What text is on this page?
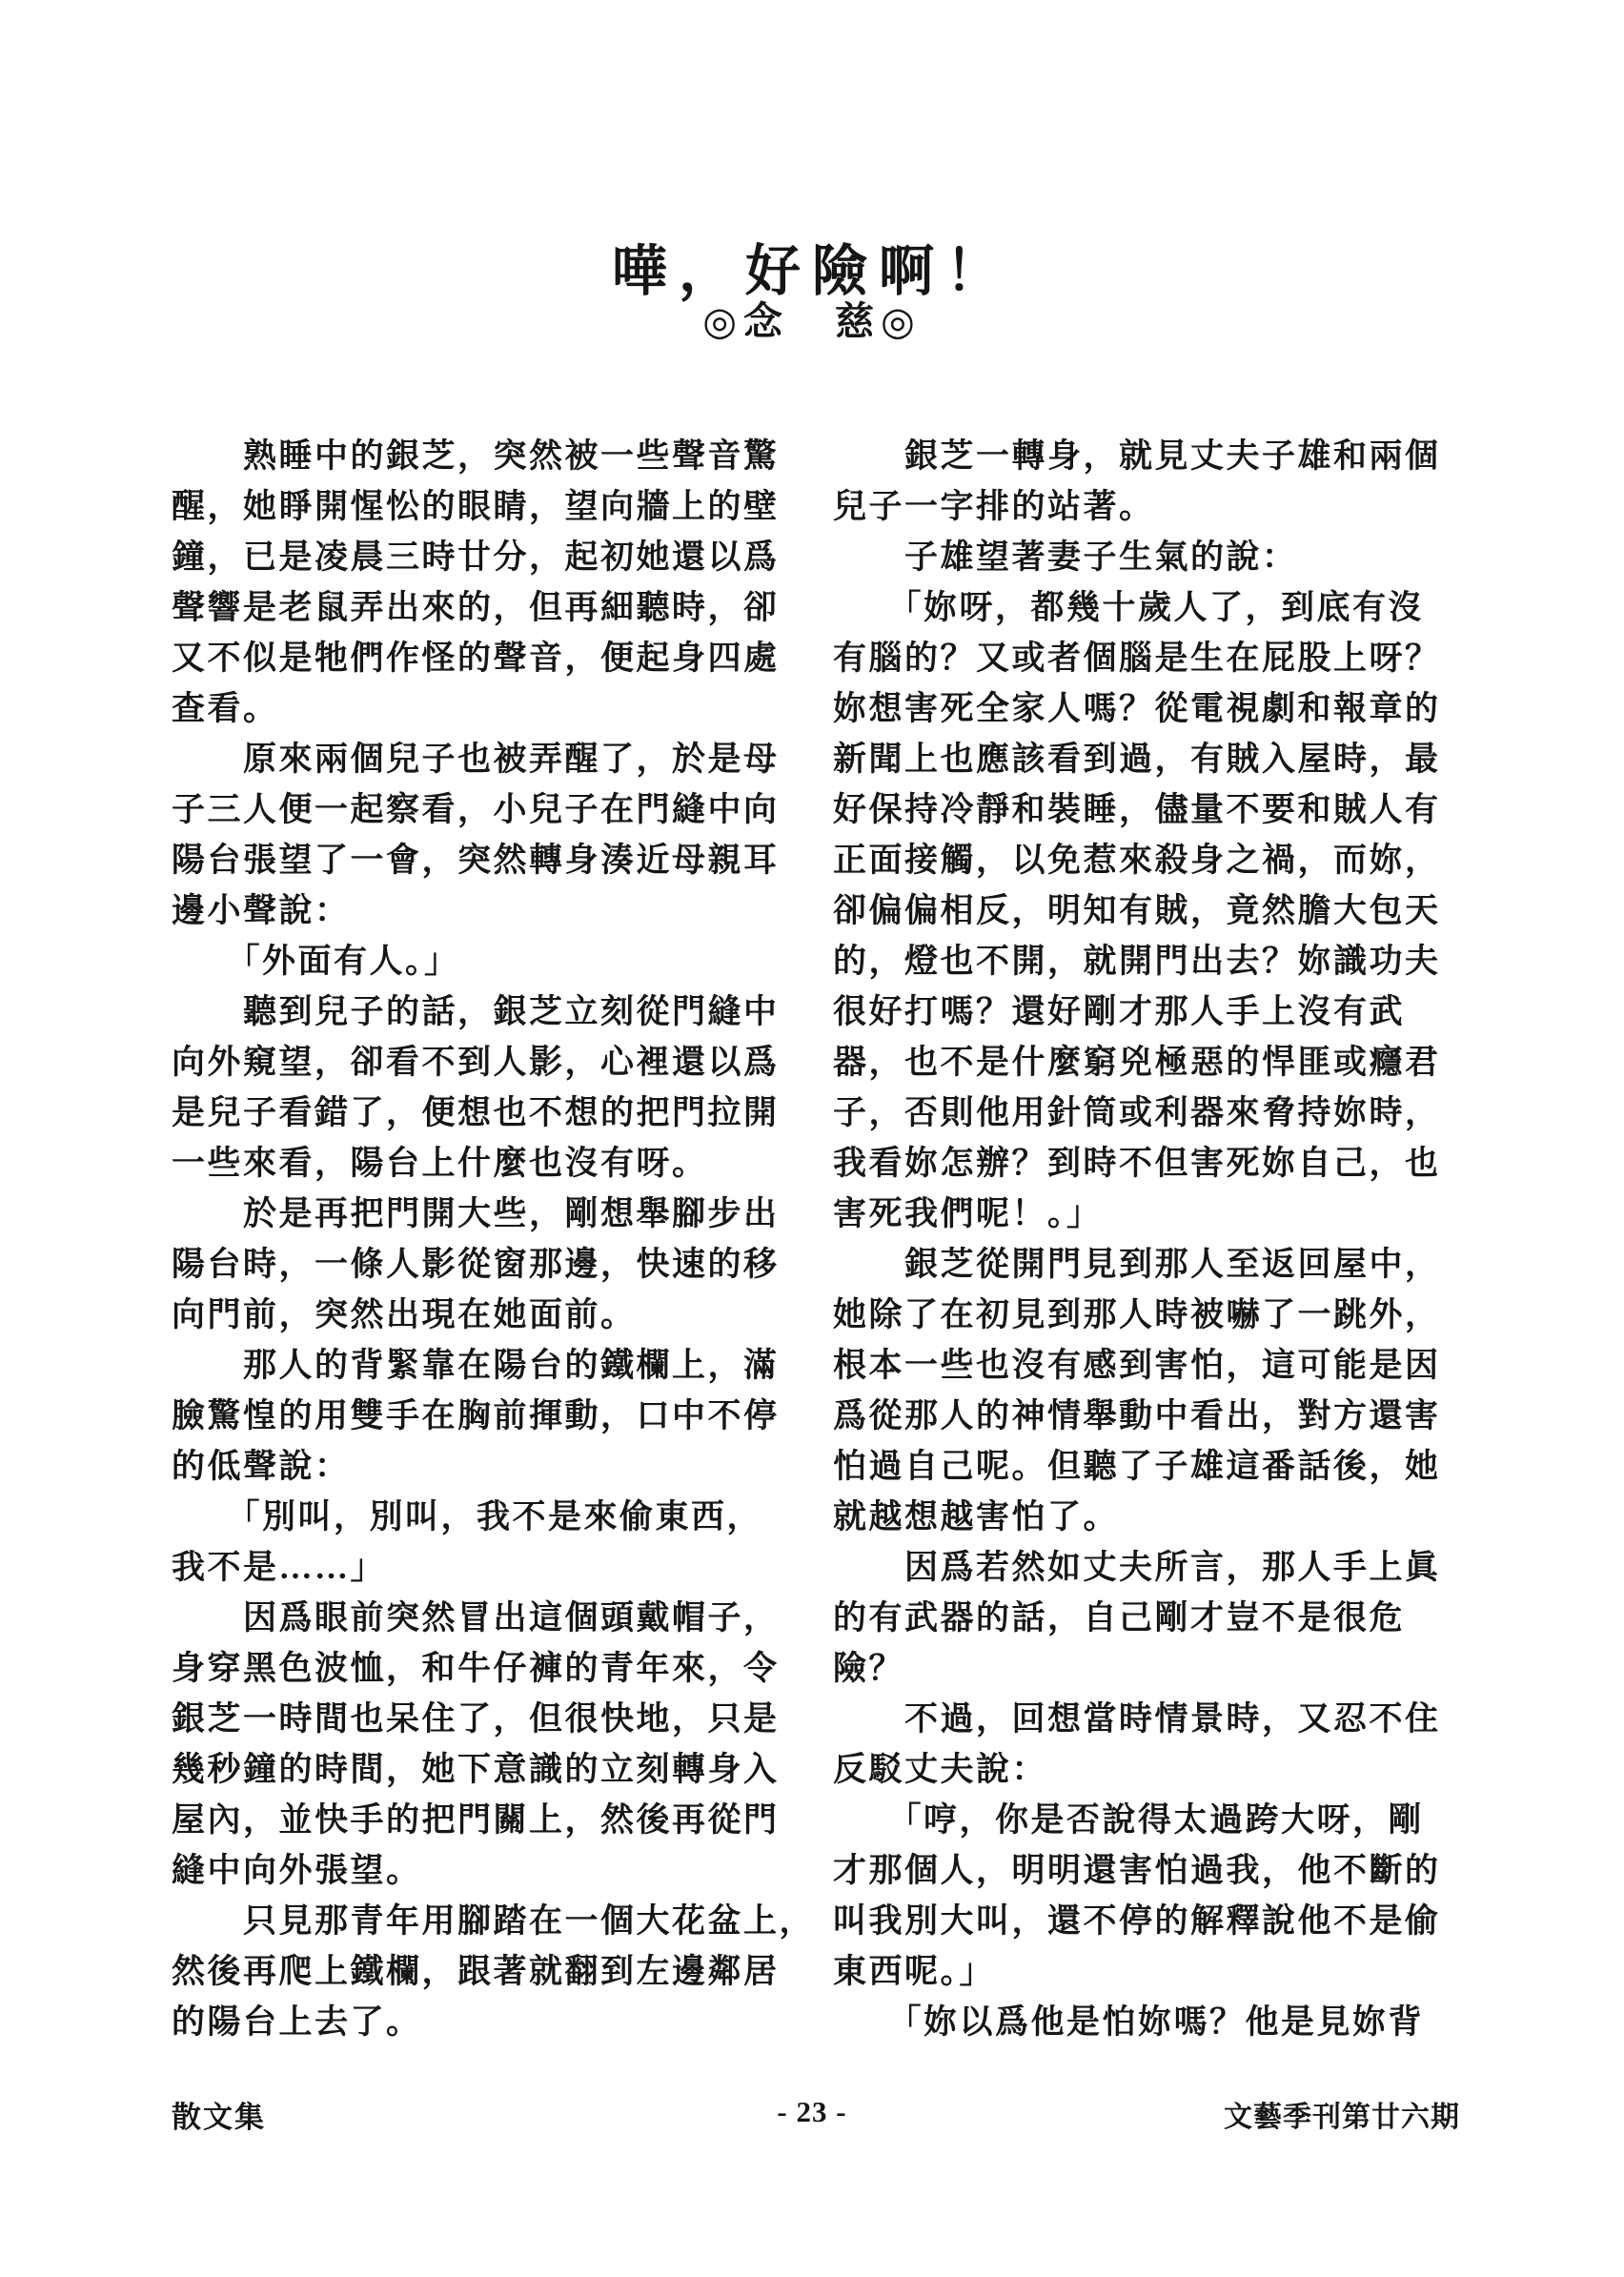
嘩，好險啊！
◎念　慈◎
　　熟睡中的銀芝，突然被一些聲音驚
醒，她睜開惺忪的眼睛，望向牆上的壁
鐘，已是凌晨三時廿分，起初她還以爲
聲響是老鼠弄出來的，但再細聽時，卻
又不似是牠們作怪的聲音，便起身四處
查看。
　　原來兩個兒子也被弄醒了，於是母
子三人便一起察看，小兒子在門縫中向
陽台張望了一會，突然轉身湊近母親耳
邊小聲說：
　　「外面有人。」
　　聽到兒子的話，銀芝立刻從門縫中
向外窺望，卻看不到人影，心裡還以爲
是兒子看錯了，便想也不想的把門拉開
一些來看，陽台上什麼也沒有呀。
　　於是再把門開大些，剛想舉腳步出
陽台時，一條人影從窗那邊，快速的移
向門前，突然出現在她面前。
　　那人的背緊靠在陽台的鐵欄上，滿
臉驚惶的用雙手在胸前揮動，口中不停
的低聲說：
　　「別叫，別叫，我不是來偷東西，
我不是……」
　　因爲眼前突然冒出這個頭戴帽子，
身穿黑色波恤，和牛仔褲的青年來，令
銀芝一時間也呆住了，但很快地，只是
幾秒鐘的時間，她下意識的立刻轉身入
屋內，並快手的把門關上，然後再從門
縫中向外張望。
　　只見那青年用腳踏在一個大花盆上，
然後再爬上鐵欄，跟著就翻到左邊鄰居
的陽台上去了。
　　銀芝一轉身，就見丈夫子雄和兩個
兒子一字排的站著。
　　子雄望著妻子生氣的說：
　　「妳呀，都幾十歲人了，到底有沒
有腦的？又或者個腦是生在屁股上呀？
妳想害死全家人嗎？從電視劇和報章的
新聞上也應該看到過，有賊入屋時，最
好保持冷靜和裝睡，儘量不要和賊人有
正面接觸，以免惹來殺身之禍，而妳，
卻偏偏相反，明知有賊，竟然膽大包天
的，燈也不開，就開門出去？妳識功夫
很好打嗎？還好剛才那人手上沒有武
器，也不是什麼窮兇極惡的悍匪或癮君
子，否則他用針筒或利器來脅持妳時，
我看妳怎辦？到時不但害死妳自己，也
害死我們呢！。」
　　銀芝從開門見到那人至返回屋中，
她除了在初見到那人時被嚇了一跳外，
根本一些也沒有感到害怕，這可能是因
爲從那人的神情舉動中看出，對方還害
怕過自己呢。但聽了子雄這番話後，她
就越想越害怕了。
　　因爲若然如丈夫所言，那人手上眞
的有武器的話，自己剛才豈不是很危
險？
　　不過，回想當時情景時，又忍不住
反駁丈夫說：
　　「哼，你是否說得太過跨大呀，剛
才那個人，明明還害怕過我，他不斷的
叫我別大叫，還不停的解釋說他不是偷
東西呢。」
　　「妳以爲他是怕妳嗎？他是見妳背
散文集	- 23 -	文藝季刊第廿六期
